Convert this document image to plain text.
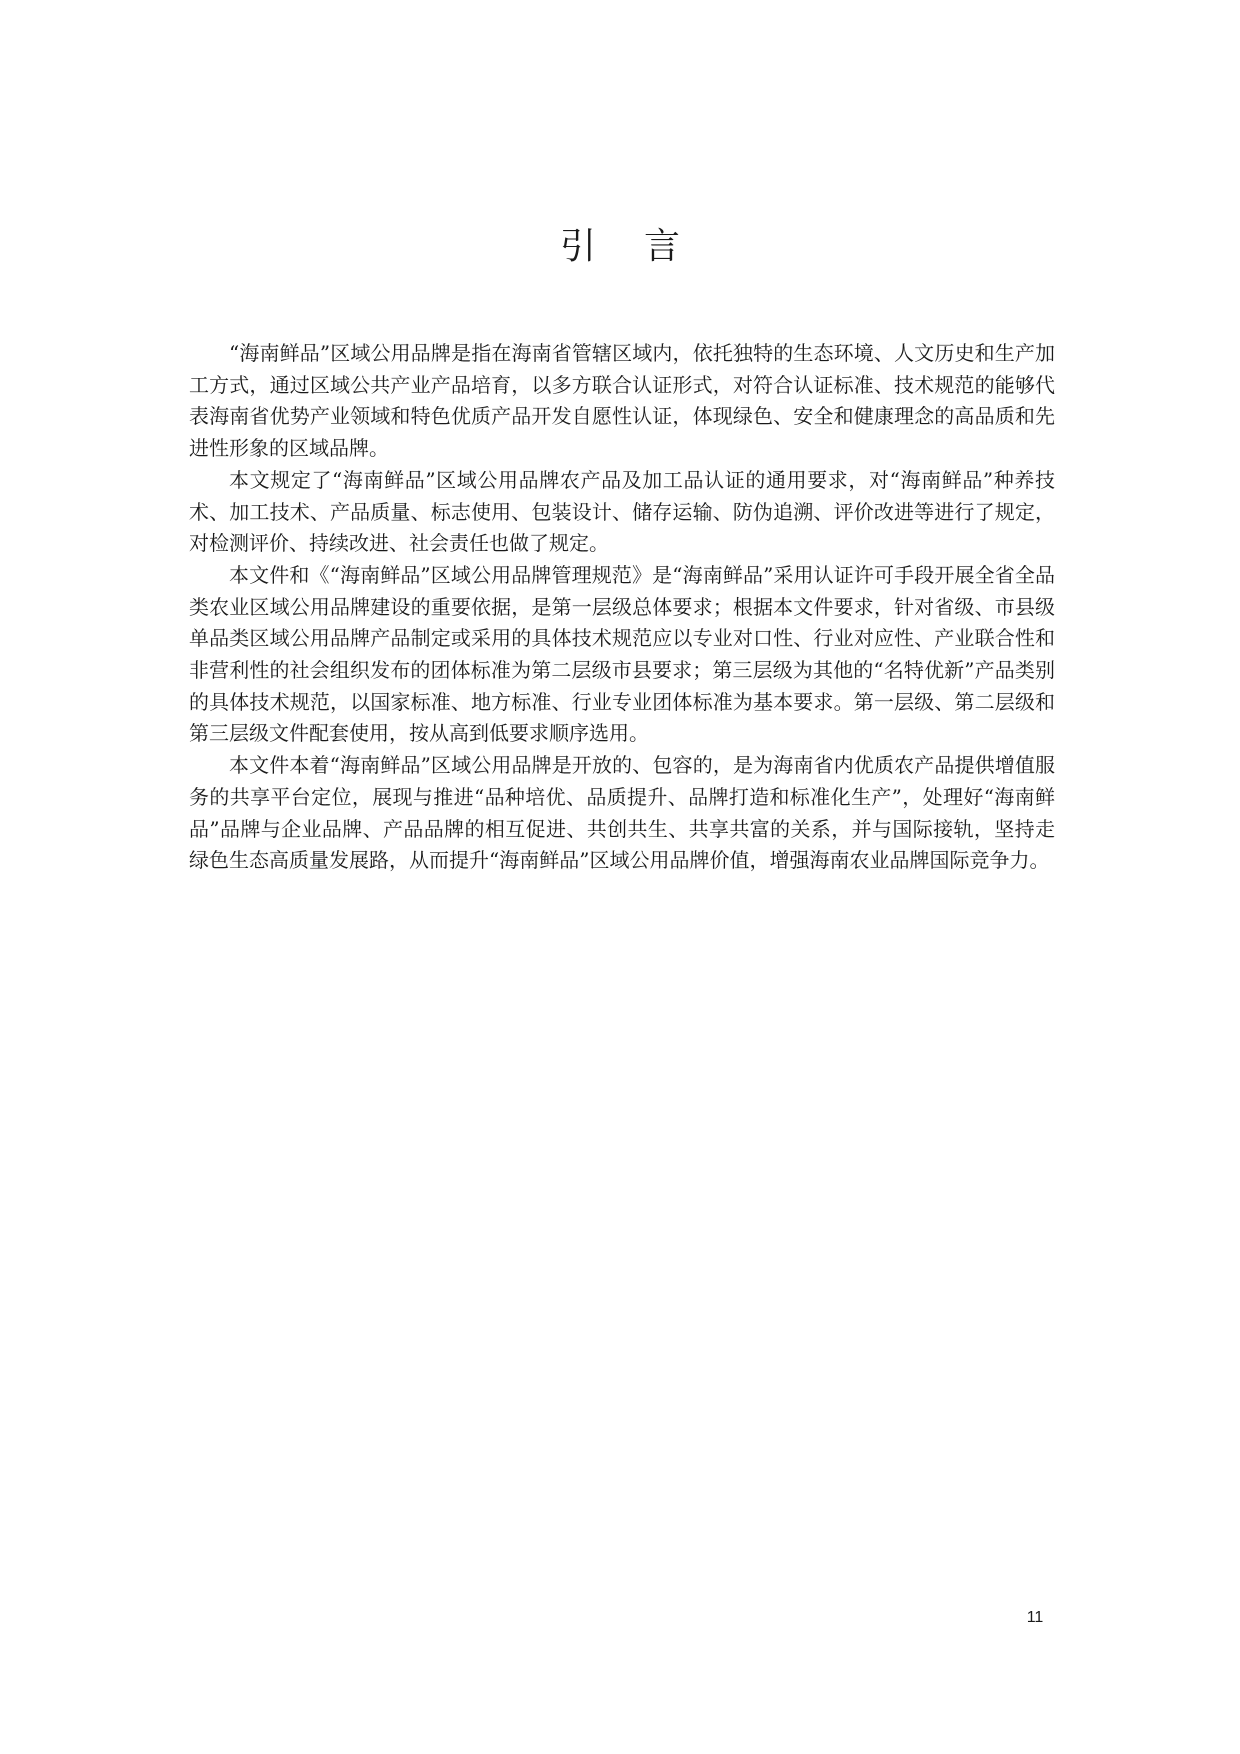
引言

“海南鲜品”区域公用品牌是指在海南省管辖区域内，依托独特的生态环境、人文历史和生产加工方式，通过区域公共产业产品培育，以多方联合认证形式，对符合认证标准、技术规范的能够代表海南省优势产业领域和特色优质产品开发自愿性认证，体现绿色、安全和健康理念的高品质和先进性形象的区域品牌。

本文规定了“海南鲜品”区域公用品牌农产品及加工品认证的通用要求，对“海南鲜品”种养技术、加工技术、产品质量、标志使用、包装设计、储存运输、防伪追溯、评价改进等进行了规定，对检测评价、持续改进、社会责任也做了规定。

本文件和《“海南鲜品”区域公用品牌管理规范》是“海南鲜品”采用认证许可手段开展全省全品类农业区域公用品牌建设的重要依据，是第一层级总体要求；根据本文件要求，针对省级、市县级单品类区域公用品牌产品制定或采用的具体技术规范应以专业对口性、行业对应性、产业联合性和非营利性的社会组织发布的团体标准为第二层级市县要求；第三层级为其他的“名特优新”产品类别的具体技术规范，以国家标准、地方标准、行业专业团体标准为基本要求。第一层级、第二层级和第三层级文件配套使用，按从高到低要求顺序选用。

本文件本着“海南鲜品”区域公用品牌是开放的、包容的，是为海南省内优质农产品提供增值服务的共享平台定位，展现与推进“品种培优、品质提升、品牌打造和标准化生产”，处理好“海南鲜品”品牌与企业品牌、产品品牌的相互促进、共创共生、共享共富的关系，并与国际接轨，坚持走绿色生态高质量发展路，从而提升“海南鲜品”区域公用品牌价值，增强海南农业品牌国际竞争力。

11
